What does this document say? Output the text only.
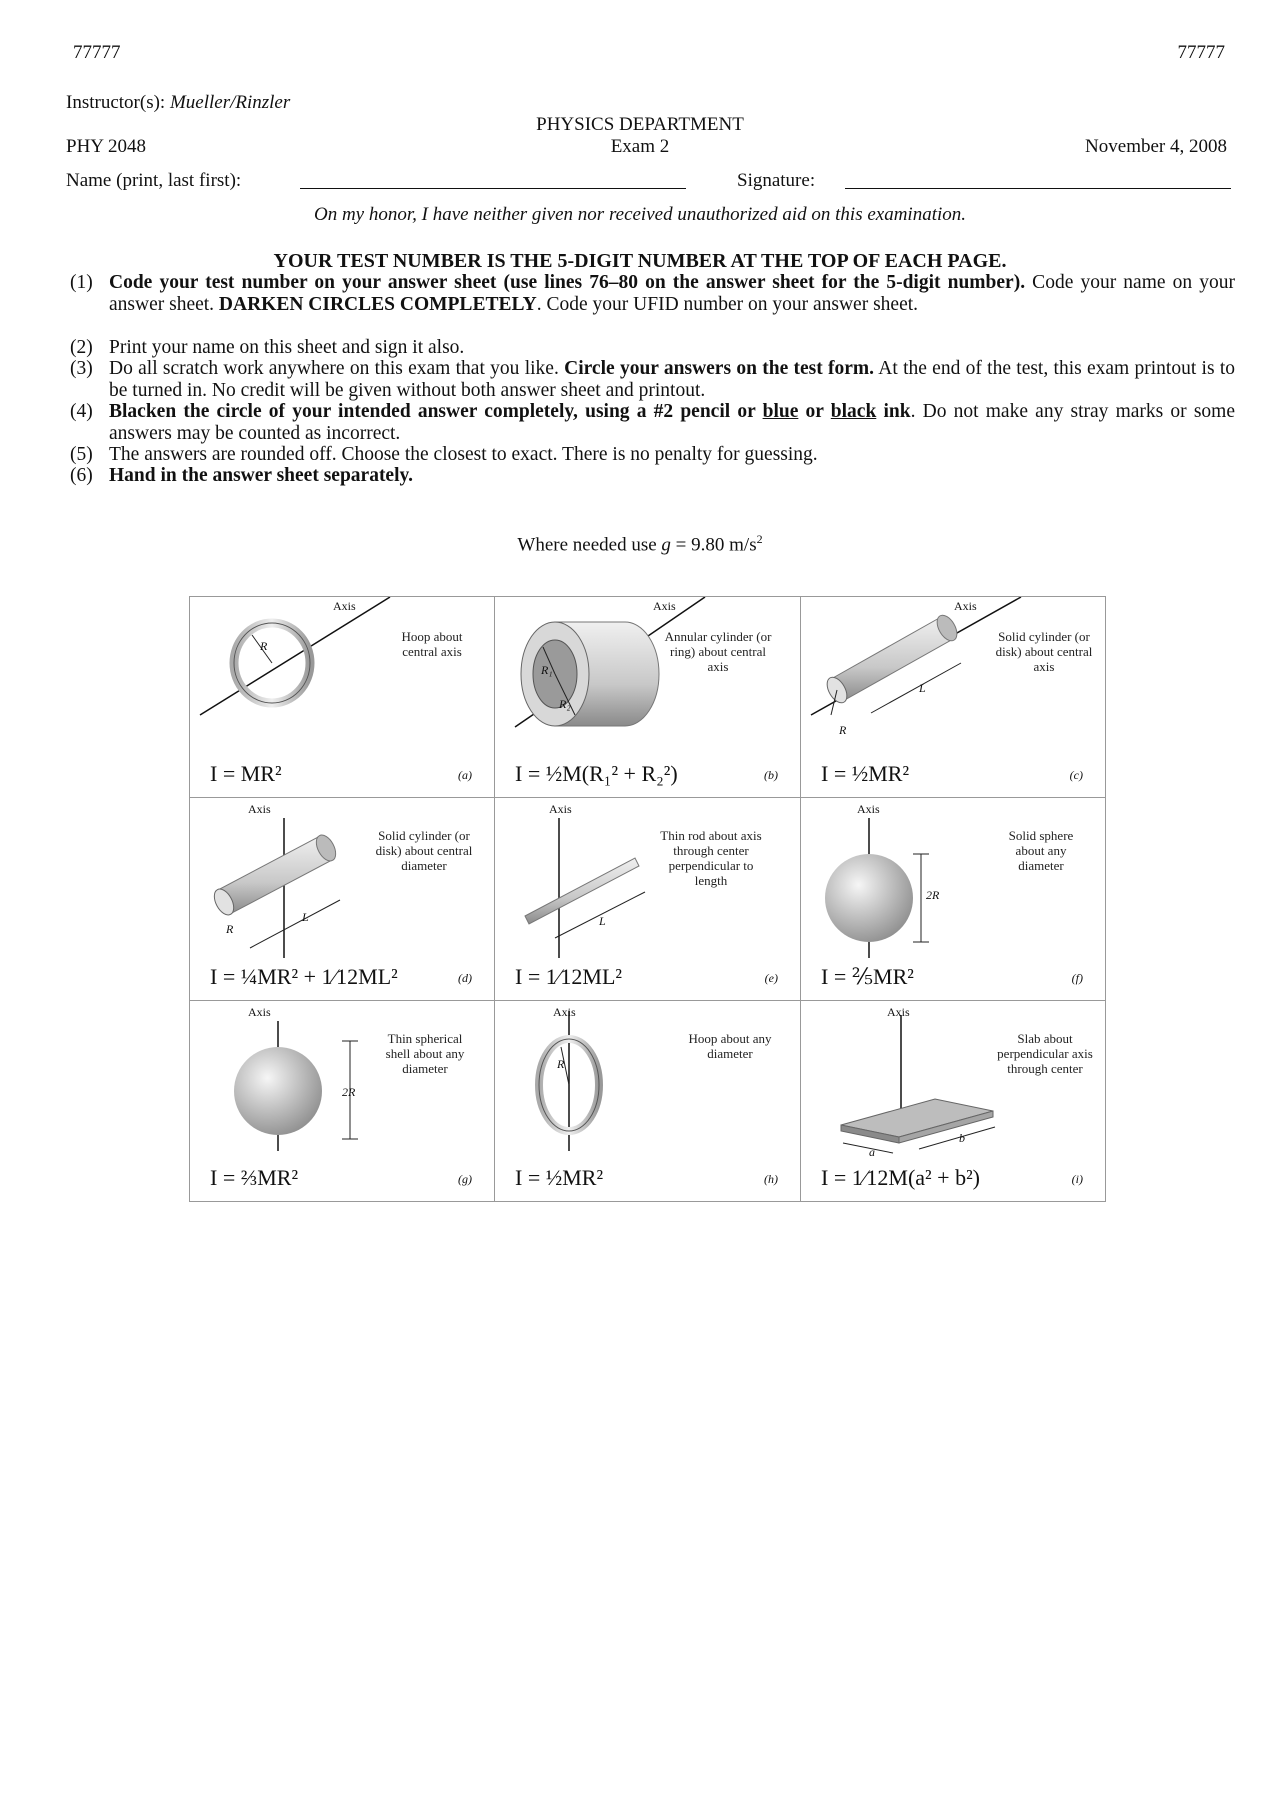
77777	77777
Instructor(s): Mueller/Rinzler
PHYSICS DEPARTMENT
PHY 2048	Exam 2	November 4, 2008
Name (print, last first):	Signature:
On my honor, I have neither given nor received unauthorized aid on this examination.
YOUR TEST NUMBER IS THE 5-DIGIT NUMBER AT THE TOP OF EACH PAGE.
(1) Code your test number on your answer sheet (use lines 76–80 on the answer sheet for the 5-digit number). Code your name on your answer sheet. DARKEN CIRCLES COMPLETELY. Code your UFID number on your answer sheet.
(2) Print your name on this sheet and sign it also.
(3) Do all scratch work anywhere on this exam that you like. Circle your answers on the test form. At the end of the test, this exam printout is to be turned in. No credit will be given without both answer sheet and printout.
(4) Blacken the circle of your intended answer completely, using a #2 pencil or blue or black ink. Do not make any stray marks or some answers may be counted as incorrect.
(5) The answers are rounded off. Choose the closest to exact. There is no penalty for guessing.
(6) Hand in the answer sheet separately.
Where needed use g = 9.80 $m/s^2$
Axis
R
Hoop about central axis
I = MR²	(a)
Axis
R₁
R₂
Annular cylinder (or ring) about central axis
I = ½M(R₁² + R₂²)	(b)
Axis
R
L
Solid cylinder (or disk) about central axis
I = ½MR²	(c)
Axis
R
L
Solid cylinder (or disk) about central diameter
I = ¼MR² + 1⁄12ML²	(d)
Axis
L
Thin rod about axis through center perpendicular to length
I = 1⁄12ML²	(e)
Axis
2R
Solid sphere about any diameter
I = ⅖MR²	(f)
Axis
2R
Thin spherical shell about any diameter
I = ⅔MR²	(g)
Axis
R
Hoop about any diameter
I = ½MR²	(h)
Axis
a
b
Slab about perpendicular axis through center
I = 1⁄12M(a² + b²)	(i)
